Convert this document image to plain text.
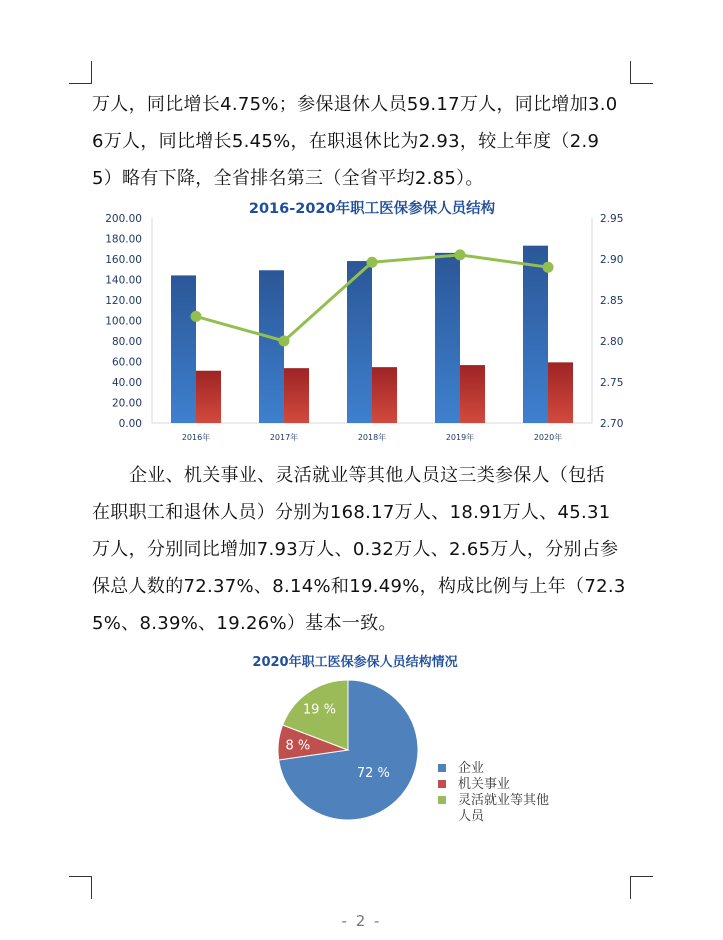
万人，同比增长4.75%；参保退休人员59.17万人，同比增加3.0
6万人，同比增长5.45%，在职退休比为2.93，较上年度（2.9
5）略有下降，全省排名第三（全省平均2.85）。
2016-2020年职工医保参保人员结构
0.00
20.00
40.00
60.00
80.00
100.00
120.00
140.00
160.00
180.00
200.00
2.70
2.75
2.80
2.85
2.90
2.95
2016年	2017年	2018年	2019年	2020年
企业、机关事业、灵活就业等其他人员这三类参保人（包括
在职职工和退休人员）分别为168.17万人、18.91万人、45.31
万人，分别同比增加7.93万人、0.32万人、2.65万人，分别占参
保总人数的72.37%、8.14%和19.49%，构成比例与上年（72.3
5%、8.39%、19.26%）基本一致。
2020年职工医保参保人员结构情况
72 %
8 %
19 %
企业
机关事业
灵活就业等其他
人员
- 2 -
